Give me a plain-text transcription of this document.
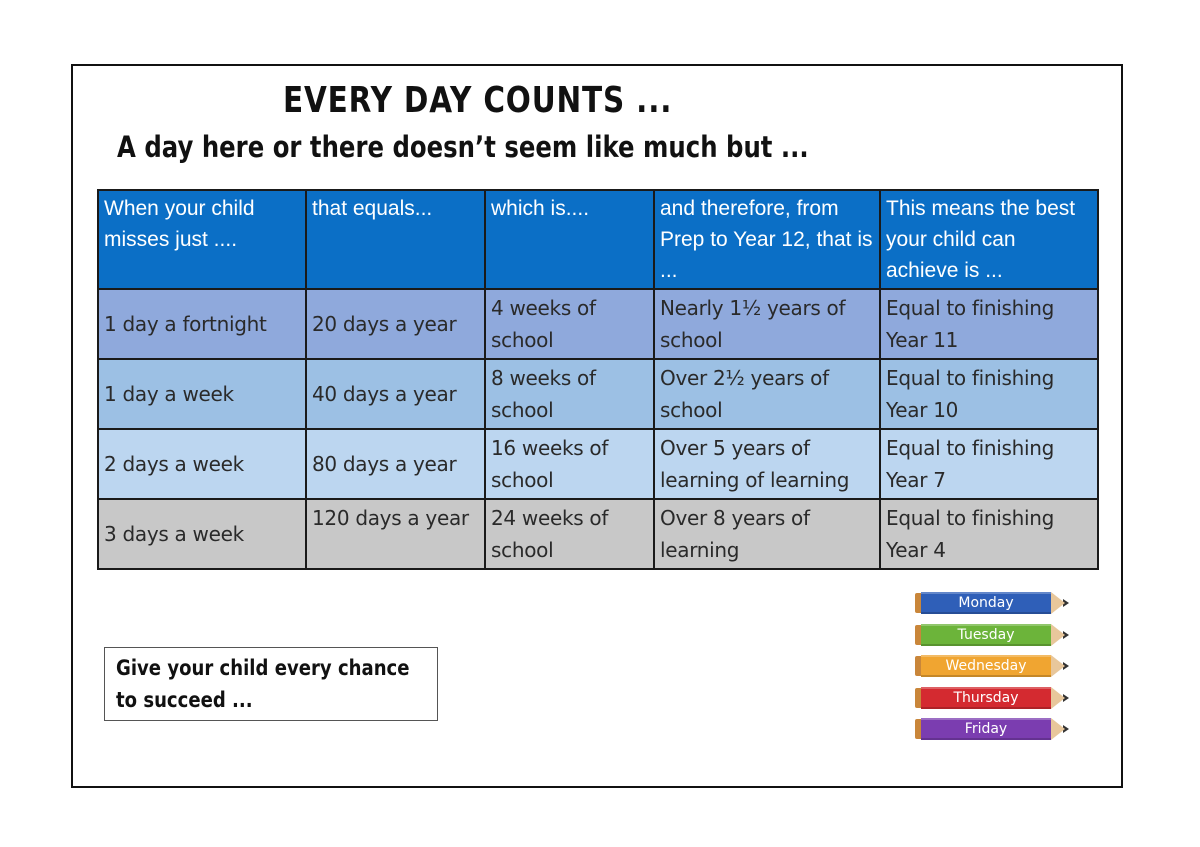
EVERY DAY COUNTS ...
A day here or there doesn’t seem like much but ...
When your child misses just ....	that equals...	which is....	and therefore, from Prep to Year 12, that is ...	This means the best your child can achieve is ...
1 day a fortnight	20 days a year	4 weeks of school	Nearly 1½ years of school	Equal to finishing Year 11
1 day a week	40 days a year	8 weeks of school	Over 2½ years of school	Equal to finishing Year 10
2 days a week	80 days a year	16 weeks of school	Over 5 years of learning of learning	Equal to finishing Year 7
3 days a week	120 days a year	24 weeks of school	Over 8 years of learning	Equal to finishing Year 4

Give your child every chance to succeed ...

Monday
Tuesday
Wednesday
Thursday
Friday
